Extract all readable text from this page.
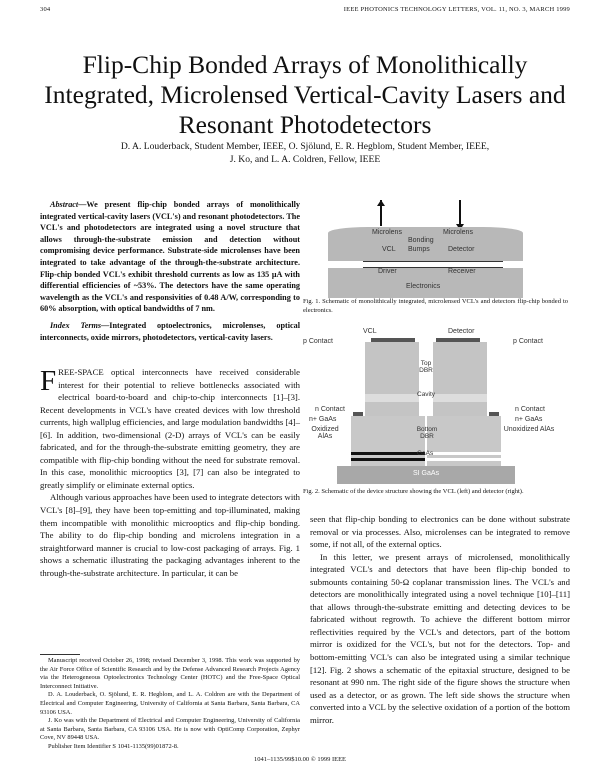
304	IEEE PHOTONICS TECHNOLOGY LETTERS, VOL. 11, NO. 3, MARCH 1999
Flip-Chip Bonded Arrays of Monolithically Integrated, Microlensed Vertical-Cavity Lasers and Resonant Photodetectors
D. A. Louderback, Student Member, IEEE, O. Sjölund, E. R. Hegblom, Student Member, IEEE,
J. Ko, and L. A. Coldren, Fellow, IEEE
Abstract—We present flip-chip bonded arrays of monolithically integrated vertical-cavity lasers (VCL's) and resonant photodetectors. The VCL's and photodetectors are integrated using a novel structure that allows through-the-substrate emission and detection without compromising device performance. Substrate-side microlenses have been integrated to take advantage of the through-the-substrate architecture. Flip-chip bonded VCL's exhibit threshold currents as low as 135 μA with differential efficiencies of ~53%. The detectors have the same operating wavelength as the VCL's and responsivities of 0.48 A/W, corresponding to 60% absorption, with optical bandwidths of 7 nm.
Index Terms—Integrated optoelectronics, microlenses, optical interconnects, oxide mirrors, photodetectors, vertical-cavity lasers.

FREE-SPACE optical interconnects have received considerable interest for their potential to relieve bottlenecks associated with electrical board-to-board and chip-to-chip interconnects [1]–[3]. Recent developments in VCL's have created devices with low threshold currents, high wallplug efficiencies, and large modulation bandwidths [4]–[6]. In addition, two-dimensional (2-D) arrays of VCL's can be easily fabricated, and for the through-the-substrate emitting geometry, they are compatible with flip-chip bonding without the need for substrate removal. In this case, monolithic microoptics [3], [7] can also be integrated to greatly simplify or eliminate external optics.

Although various approaches have been used to integrate detectors with VCL's [8]–[9], they have been top-emitting and top-illuminated, making them incompatible with monolithic microoptics and flip-chip bonding. The ability to do flip-chip bonding and microlens integration in a straightforward manner is crucial to low-cost packaging of arrays. Fig. 1 shows a schematic illustrating the packaging advantages inherent to the through-the-substrate architecture. In particular, it can be

Manuscript received October 26, 1998; revised December 3, 1998. This work was supported by the Air Force Office of Scientific Research and by the Defense Advanced Research Projects Agency via the Heterogeneous Optoelectronics Technology Center (HOTC) and the Free-Space Optical Interconnect Initiative.

D. A. Louderback, O. Sjölund, E. R. Hegblom, and L. A. Coldren are with the Department of Electrical and Computer Engineering, University of California at Santa Barbara, Santa Barbara, CA 93106 USA.

J. Ko was with the Department of Electrical and Computer Engineering, University of California at Santa Barbara, Santa Barbara, CA 93106 USA. He is now with OptiComp Corporation, Zephyr Cove, NV 89448 USA.

Publisher Item Identifier S 1041-1135(99)01872-8.

1041–1135/99$10.00 © 1999 IEEE
Microlens	Microlens
Bonding
Bumps
VCL	Detector
Driver	Receiver
Electronics
Fig. 1. Schematic of monolithically integrated, microlensed VCL's and detectors flip-chip bonded to electronics.
VCL	Detector
p Contact	p Contact
Top DBR
Cavity
n Contact	n Contact
n+ GaAs	n+ GaAs
Oxidized AlAs
Unoxidized AlAs
Bottom DBR
GaAs
SI GaAs
Fig. 2. Schematic of the device structure showing the VCL (left) and detector (right).

seen that flip-chip bonding to electronics can be done without substrate removal or via processes. Also, microlenses can be integrated to remove some, if not all, of the external optics.

In this letter, we present arrays of microlensed, monolithically integrated VCL's and detectors that have been flip-chip bonded to submounts containing 50-Ω coplanar transmission lines. The VCL's and detectors are monolithically integrated using a novel technique [10]–[11] that allows through-the-substrate emitting and detecting devices to be fabricated without regrowth. To achieve the different bottom mirror reflectivities required by the VCL's and detectors, part of the bottom mirror is oxidized for the VCL's, but not for the detectors. Top- and bottom-emitting VCL's can also be integrated using a similar technique [12]. Fig. 2 shows a schematic of the epitaxial structure, designed to be resonant at 990 nm. The right side of the figure shows the structure when used as a detector, or as grown. The left side shows the structure when converted into a VCL by the selective oxidation of a portion of the bottom mirror.
